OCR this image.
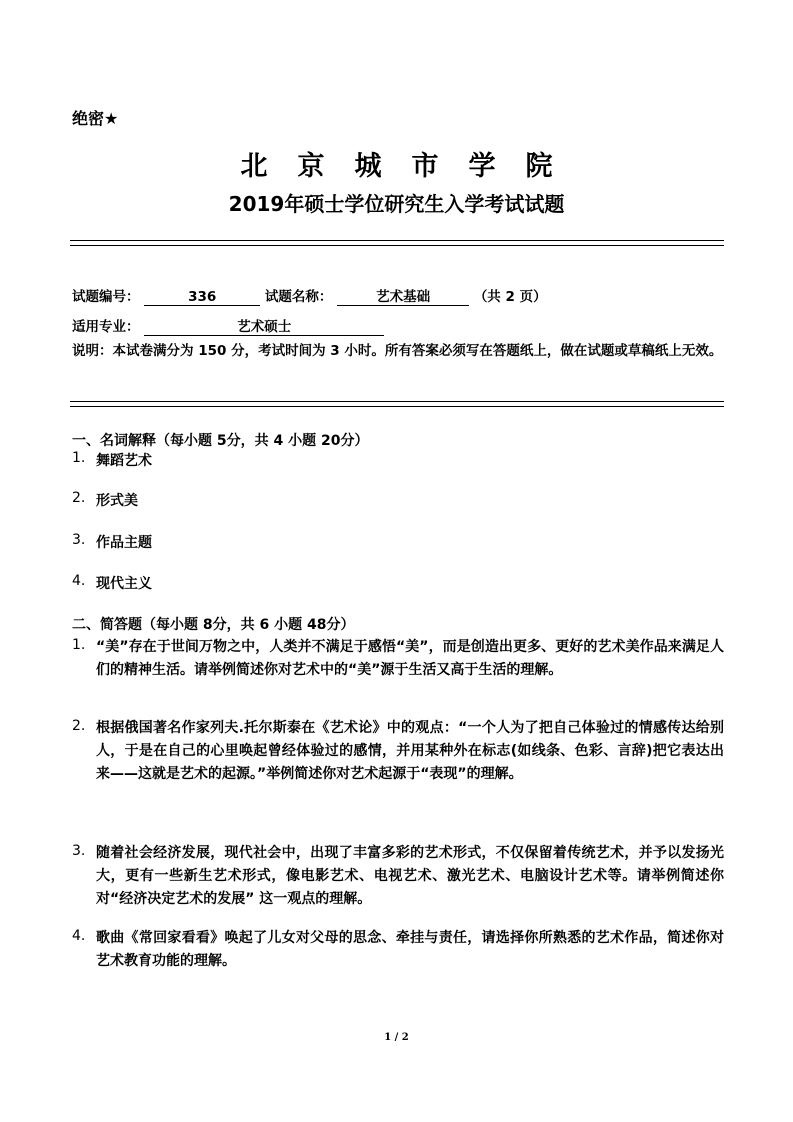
绝密★
北京城市学院
2019年硕士学位研究生入学考试试题
试题编号：	336	试题名称：	艺术基础	（共 2 页）
适用专业：	艺术硕士
说明：本试卷满分为 150 分，考试时间为 3 小时。所有答案必须写在答题纸上，做在试题或草稿纸上无效。
一、名词解释（每小题 5分，共 4 小题 20分）
1. 舞蹈艺术
2. 形式美
3. 作品主题
4. 现代主义
二、简答题（每小题 8分，共 6 小题 48分）
1. “美”存在于世间万物之中，人类并不满足于感悟“美”，而是创造出更多、更好的艺术美作品来满足人们的精神生活。请举例简述你对艺术中的“美”源于生活又高于生活的理解。
2. 根据俄国著名作家列夫.托尔斯泰在《艺术论》中的观点：“一个人为了把自己体验过的情感传达给别人，于是在自己的心里唤起曾经体验过的感情，并用某种外在标志(如线条、色彩、言辞)把它表达出来——这就是艺术的起源。”举例简述你对艺术起源于“表现”的理解。
3. 随着社会经济发展，现代社会中，出现了丰富多彩的艺术形式，不仅保留着传统艺术，并予以发扬光大，更有一些新生艺术形式，像电影艺术、电视艺术、激光艺术、电脑设计艺术等。请举例简述你对“经济决定艺术的发展” 这一观点的理解。
4. 歌曲《常回家看看》唤起了儿女对父母的思念、牵挂与责任，请选择你所熟悉的艺术作品，简述你对艺术教育功能的理解。
1 / 2
